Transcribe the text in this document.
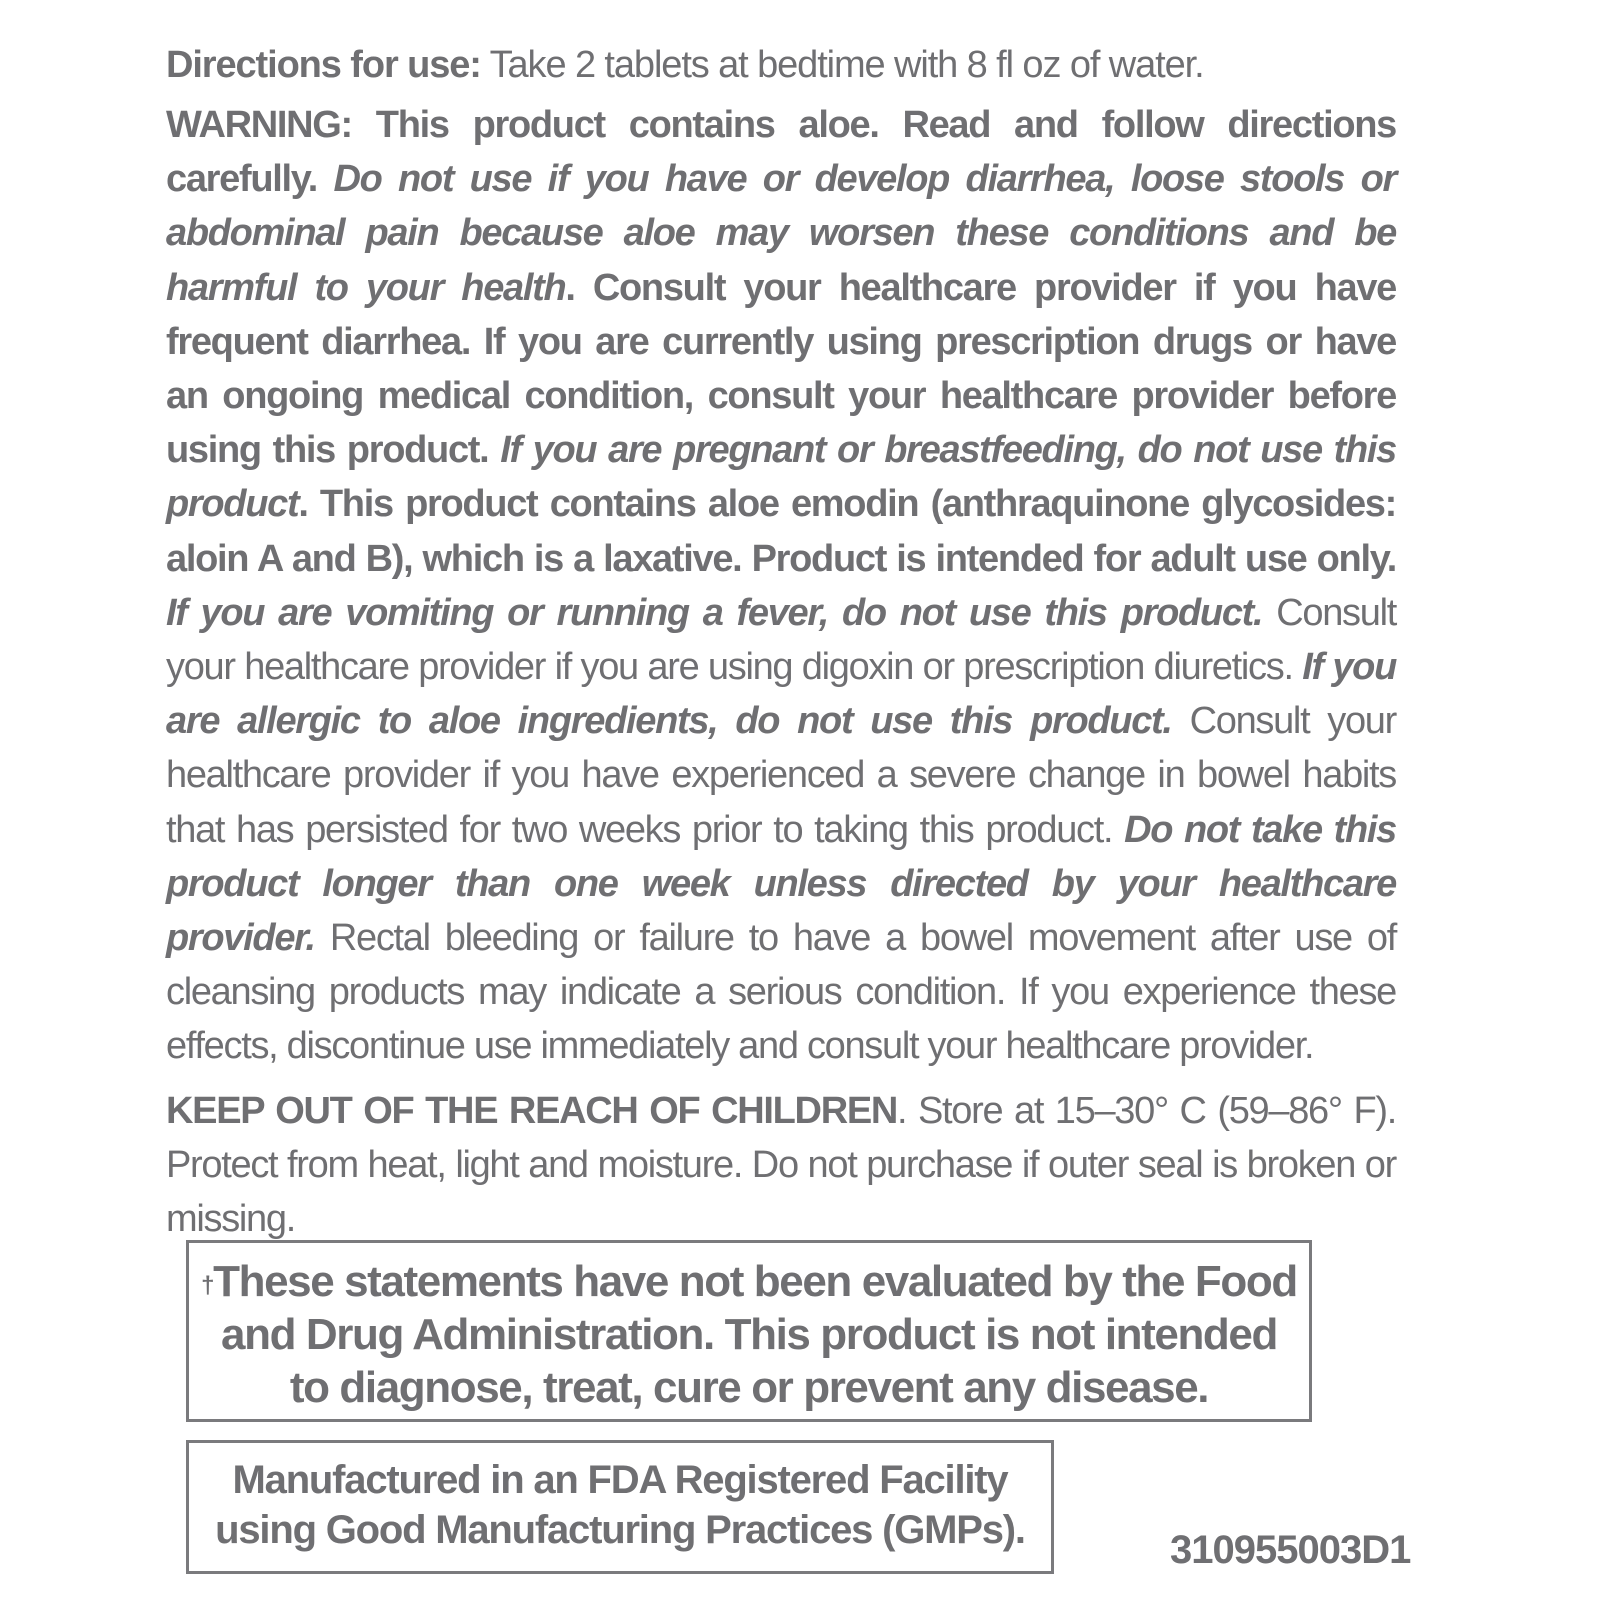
Directions for use: Take 2 tablets at bedtime with 8 fl oz of water.

WARNING: This product contains aloe. Read and follow directions carefully. Do not use if you have or develop diarrhea, loose stools or abdominal pain because aloe may worsen these conditions and be harmful to your health. Consult your healthcare provider if you have frequent diarrhea. If you are currently using prescription drugs or have an ongoing medical condition, consult your healthcare provider before using this product. If you are pregnant or breastfeeding, do not use this product. This product contains aloe emodin (anthraquinone glycosides: aloin A and B), which is a laxative. Product is intended for adult use only. If you are vomiting or running a fever, do not use this product. Consult your healthcare provider if you are using digoxin or prescription diuretics. If you are allergic to aloe ingredients, do not use this product. Consult your healthcare provider if you have experienced a severe change in bowel habits that has persisted for two weeks prior to taking this product. Do not take this product longer than one week unless directed by your healthcare provider. Rectal bleeding or failure to have a bowel movement after use of cleansing products may indicate a serious condition. If you experience these effects, discontinue use immediately and consult your healthcare provider.

KEEP OUT OF THE REACH OF CHILDREN. Store at 15–30° C (59–86° F). Protect from heat, light and moisture. Do not purchase if outer seal is broken or missing.

†These statements have not been evaluated by the Food
and Drug Administration. This product is not intended
to diagnose, treat, cure or prevent any disease.
Manufactured in an FDA Registered Facility
using Good Manufacturing Practices (GMPs).	310955003D1
